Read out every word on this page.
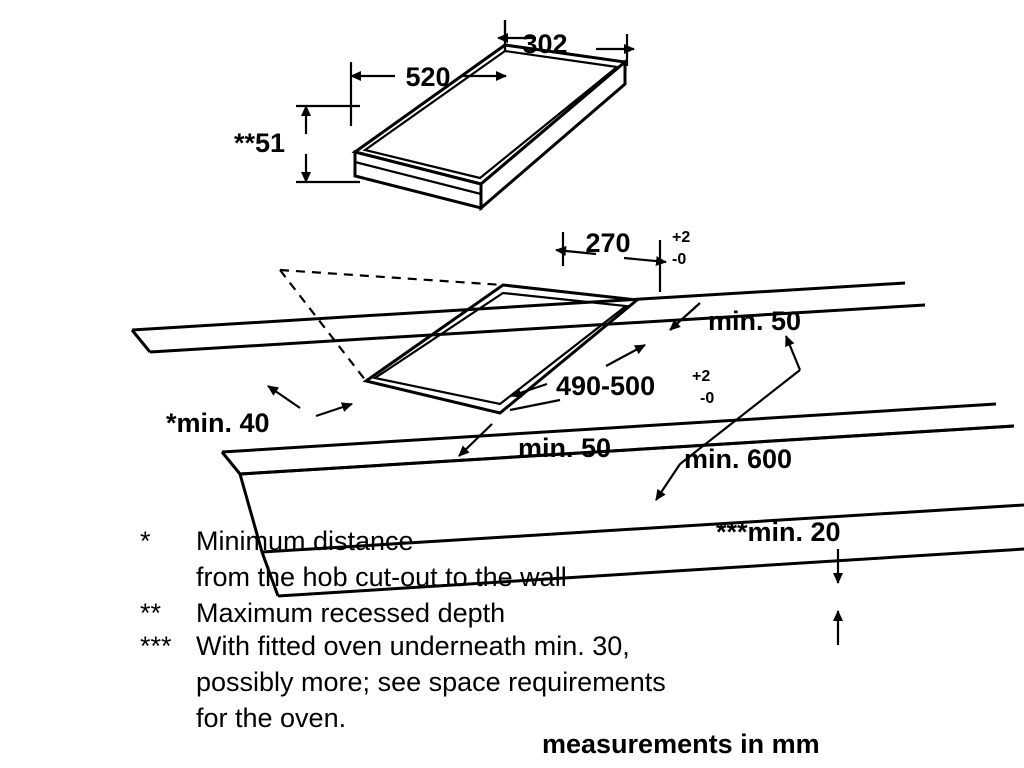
302
520
**51
270	+2
-0
min. 50
490-500 +2
-0
*min. 40
min. 50	min. 600
***min. 20
* Minimum distance
from the hob cut-out to the wall
** Maximum recessed depth
*** With fitted oven underneath min. 30,
possibly more; see space requirements
for the oven.
measurements in mm
